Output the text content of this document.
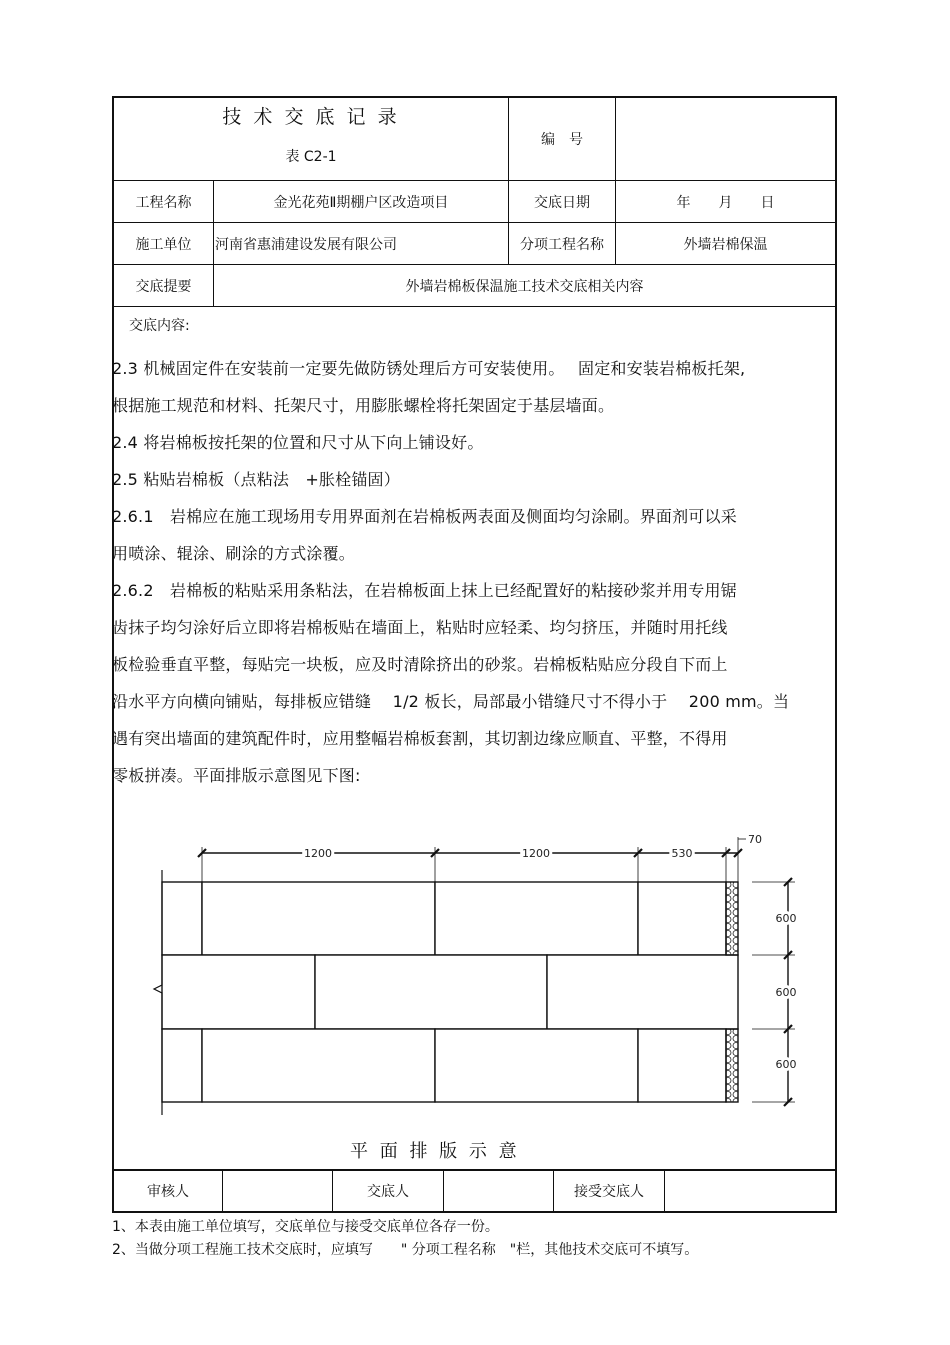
技 术 交 底 记 录
表 C2-1
编　号
工程名称	金光花苑Ⅱ期棚户区改造项目	交底日期	年　　月　　日
施工单位	河南省惠浦建设发展有限公司	分项工程名称	外墙岩棉保温
交底提要	外墙岩棉板保温施工技术交底相关内容
交底内容:
2.3 机械固定件在安装前一定要先做防锈处理后方可安装使用。　 固定和安装岩棉板托架,
根据施工规范和材料、托架尺寸，用膨胀螺栓将托架固定于基层墙面。
2.4 将岩棉板按托架的位置和尺寸从下向上铺设好。
2.5 粘贴岩棉板（点粘法　+胀栓锚固）
2.6.1　岩棉应在施工现场用专用界面剂在岩棉板两表面及侧面均匀涂刷。界面剂可以采
用喷涂、辊涂、刷涂的方式涂覆。
2.6.2　岩棉板的粘贴采用条粘法，在岩棉板面上抹上已经配置好的粘接砂浆并用专用锯
齿抹子均匀涂好后立即将岩棉板贴在墙面上，粘贴时应轻柔、均匀挤压，并随时用托线
板检验垂直平整，每贴完一块板，应及时清除挤出的砂浆。岩棉板粘贴应分段自下而上
沿水平方向横向铺贴，每排板应错缝　 1/2 板长，局部最小错缝尺寸不得小于　 200 mm。当
遇有突出墙面的建筑配件时，应用整幅岩棉板套割，其切割边缘应顺直、平整，不得用
零板拼凑。平面排版示意图见下图:
1200	1200	530
70
600
600
600
平 面 排 版 示 意
审核人	交底人	接受交底人
1、本表由施工单位填写，交底单位与接受交底单位各存一份。
2、当做分项工程施工技术交底时，应填写　　" 分项工程名称　"栏，其他技术交底可不填写。
